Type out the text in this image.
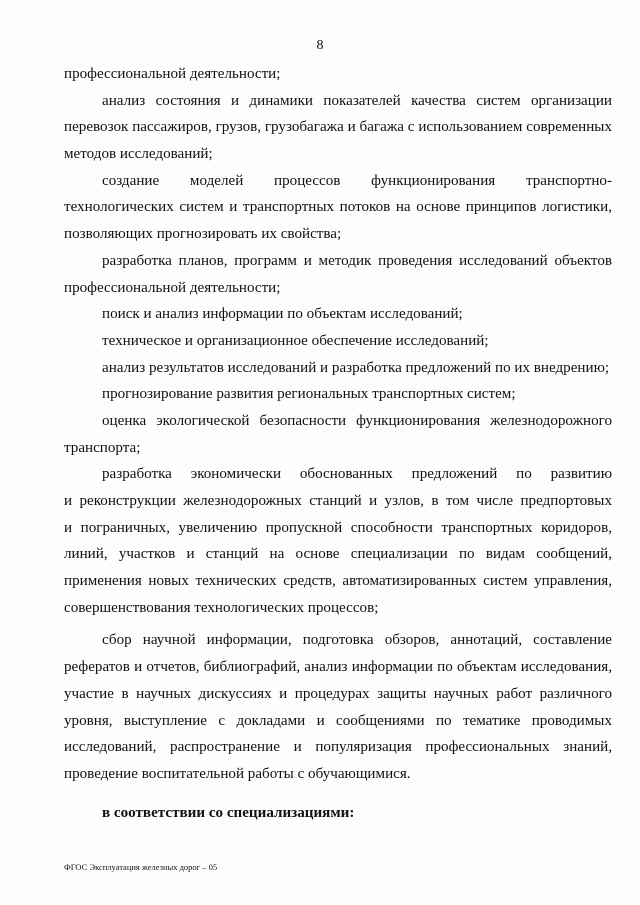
8
профессиональной деятельности;
анализ состояния и динамики показателей качества систем организации
перевозок пассажиров, грузов, грузобагажа и багажа с использованием современных
методов исследований;
создание моделей процессов функционирования транспортно-
технологических систем и транспортных потоков на основе принципов логистики,
позволяющих прогнозировать их свойства;
разработка планов, программ и методик проведения исследований объектов
профессиональной деятельности;
поиск и анализ информации по объектам исследований;
техническое и организационное обеспечение исследований;
анализ результатов исследований и разработка предложений по их внедрению;
прогнозирование развития региональных транспортных систем;
оценка экологической безопасности функционирования железнодорожного
транспорта;
разработка экономически обоснованных предложений по развитию
и реконструкции железнодорожных станций и узлов, в том числе предпортовых
и пограничных, увеличению пропускной способности транспортных коридоров,
линий, участков и станций на основе специализации по видам сообщений,
применения новых технических средств, автоматизированных систем управления,
совершенствования технологических процессов;
сбор научной информации, подготовка обзоров, аннотаций, составление
рефератов и отчетов, библиографий, анализ информации по объектам исследования,
участие в научных дискуссиях и процедурах защиты научных работ различного
уровня, выступление с докладами и сообщениями по тематике проводимых
исследований, распространение и популяризация профессиональных знаний,
проведение воспитательной работы с обучающимися.
в соответствии со специализациями:
ФГОС Эксплуатация железных дорог – 05
